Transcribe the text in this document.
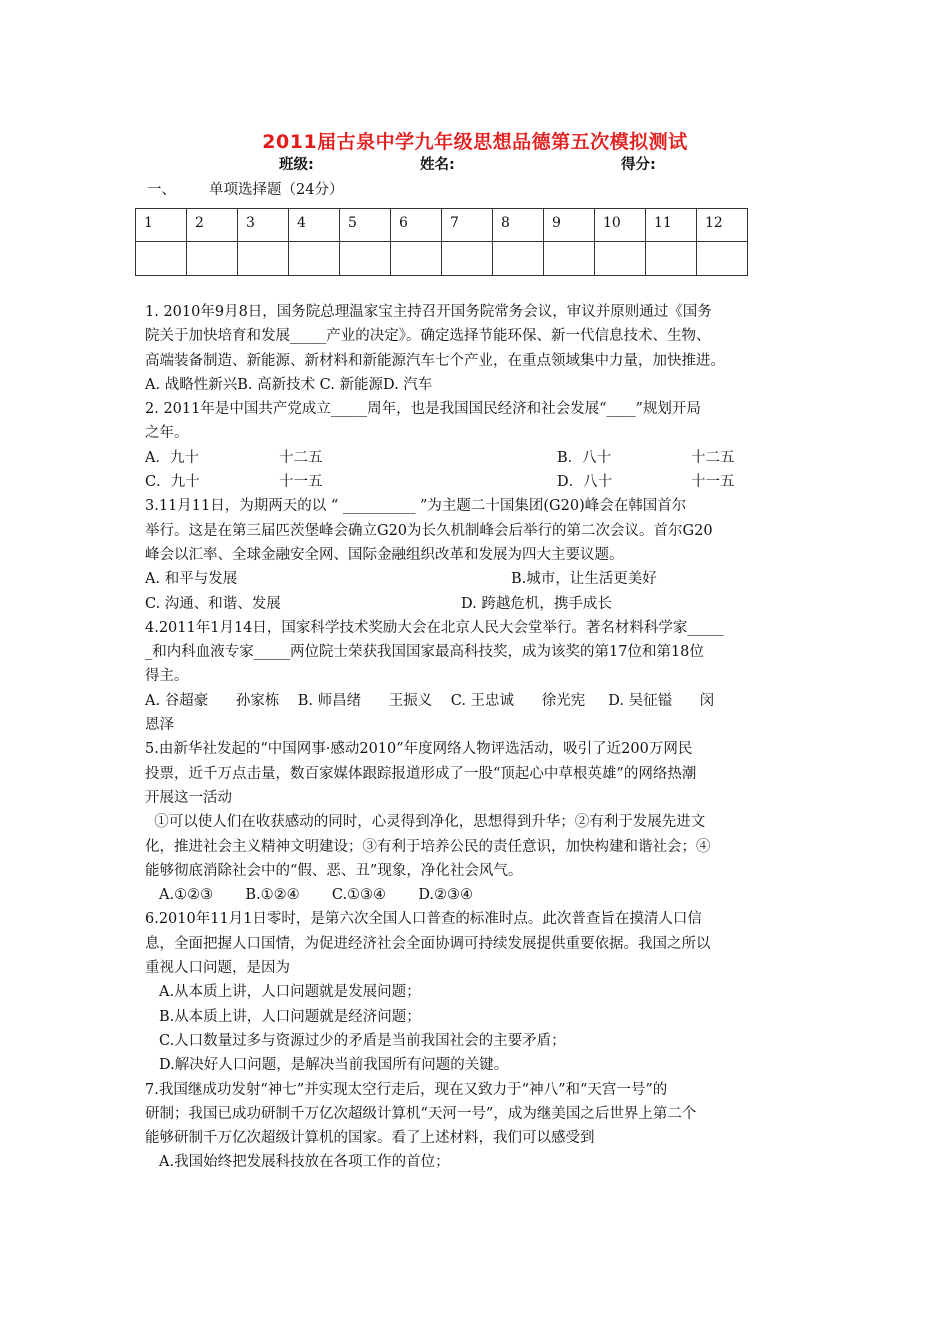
2011届古泉中学九年级思想品德第五次模拟测试
班级:	姓名:	得分:
一、 单项选择题（24分）
1	2	3	4	5	6	7	8	9	10	11	12

1. 2010年9月8日，国务院总理温家宝主持召开国务院常务会议，审议并原则通过《国务

院关于加快培育和发展_____产业的决定》。确定选择节能环保、新一代信息技术、生物、

高端装备制造、新能源、新材料和新能源汽车七个产业，在重点领域集中力量，加快推进。

A. 战略性新兴B. 高新技术 C. 新能源D. 汽车

2. 2011年是中国共产党成立_____周年，也是我国国民经济和社会发展“____”规划开局

之年。

A．九十	十二五	B．八十	十二五
C．九十	十一五	D．八十	十一五

3.11月11日，为期两天的以 “ __________ ”为主题二十国集团(G20)峰会在韩国首尔

举行。这是在第三届匹茨堡峰会确立G20为长久机制峰会后举行的第二次会议。首尔G20

峰会以汇率、全球金融安全网、国际金融组织改革和发展为四大主要议题。

A. 和平与发展	B.城市，让生活更美好
C. 沟通、和谐、发展	D. 跨越危机，携手成长

4.2011年1月14日，国家科学技术奖励大会在北京人民大会堂举行。著名材料科学家_____

_和内科血液专家_____两位院士荣获我国国家最高科技奖，成为该奖的第17位和第18位

得主。

A. 谷超豪      孙家栋    B. 师昌绪      王振义    C. 王忠诚      徐光宪     D. 吴征镒      闵

恩泽

5.由新华社发起的“中国网事·感动2010”年度网络人物评选活动，吸引了近200万网民

投票，近千万点击量，数百家媒体跟踪报道形成了一股“顶起心中草根英雄”的网络热潮

开展这一活动

①可以使人们在收获感动的同时，心灵得到净化，思想得到升华；②有利于发展先进文

化，推进社会主义精神文明建设；③有利于培养公民的责任意识，加快构建和谐社会；④

能够彻底消除社会中的“假、恶、丑”现象，净化社会风气。

A.①②③       B.①②④       C.①③④       D.②③④

6.2010年11月1日零时，是第六次全国人口普查的标准时点。此次普查旨在摸清人口信

息，全面把握人口国情，为促进经济社会全面协调可持续发展提供重要依据。我国之所以

重视人口问题，是因为

A.从本质上讲，人口问题就是发展问题；

B.从本质上讲，人口问题就是经济问题；

C.人口数量过多与资源过少的矛盾是当前我国社会的主要矛盾；

D.解决好人口问题，是解决当前我国所有问题的关键。

7.我国继成功发射“神七”并实现太空行走后，现在又致力于“神八”和“天宫一号”的

研制；我国已成功研制千万亿次超级计算机“天河一号”，成为继美国之后世界上第二个

能够研制千万亿次超级计算机的国家。看了上述材料，我们可以感受到

A.我国始终把发展科技放在各项工作的首位；
